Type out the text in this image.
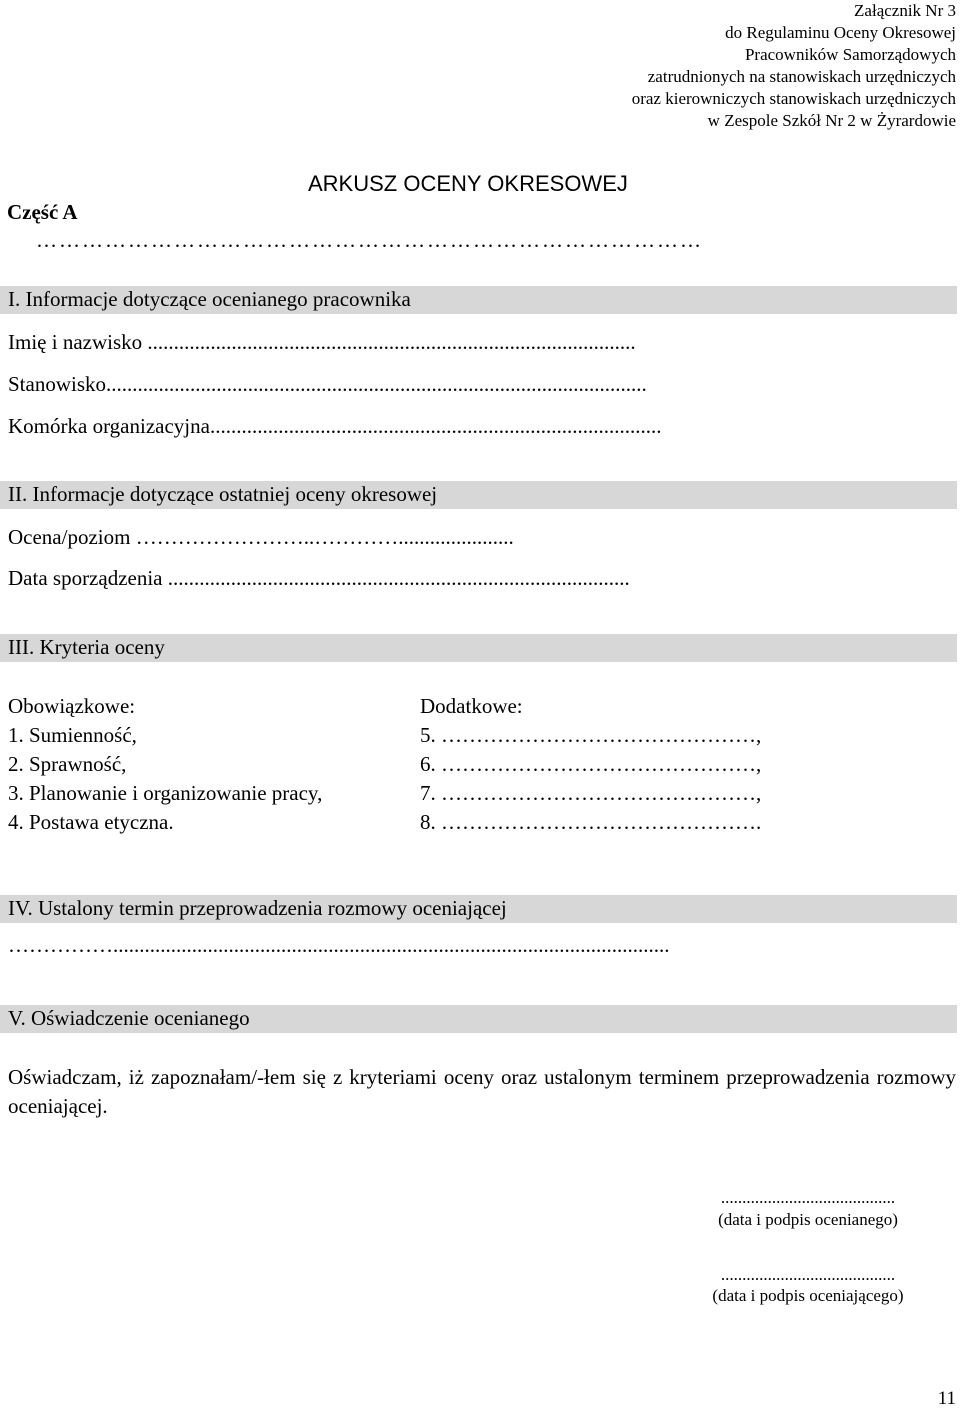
Załącznik Nr 3
do Regulaminu Oceny Okresowej
Pracowników Samorządowych
zatrudnionych na stanowiskach urzędniczych
oraz kierowniczych stanowiskach urzędniczych
w Zespole Szkół Nr 2 w Żyrardowie
ARKUSZ OCENY OKRESOWEJ
Część A
……………………………………………………………………………
I. Informacje dotyczące ocenianego pracownika
Imię i nazwisko .............................................................................................
Stanowisko.......................................................................................................
Komórka organizacyjna......................................................................................
II. Informacje dotyczące ostatniej oceny okresowej
Ocena/poziom ……………………..…………......................
Data sporządzenia ........................................................................................
III. Kryteria oceny
Obowiązkowe:
1. Sumienność,
2. Sprawność,
3. Planowanie i organizowanie pracy,
4. Postawa etyczna.
Dodatkowe:
5. ………………………………………,
6. ………………………………………,
7. ………………………………………,
8. ……………………………………….
IV. Ustalony termin przeprowadzenia rozmowy oceniającej
……………..........................................................................................................
V. Oświadczenie ocenianego
Oświadczam, iż zapoznałam/-łem się z kryteriami oceny oraz ustalonym terminem przeprowadzenia rozmowy oceniającej.
.........................................
(data i podpis ocenianego)
.........................................
(data i podpis oceniającego)
11
